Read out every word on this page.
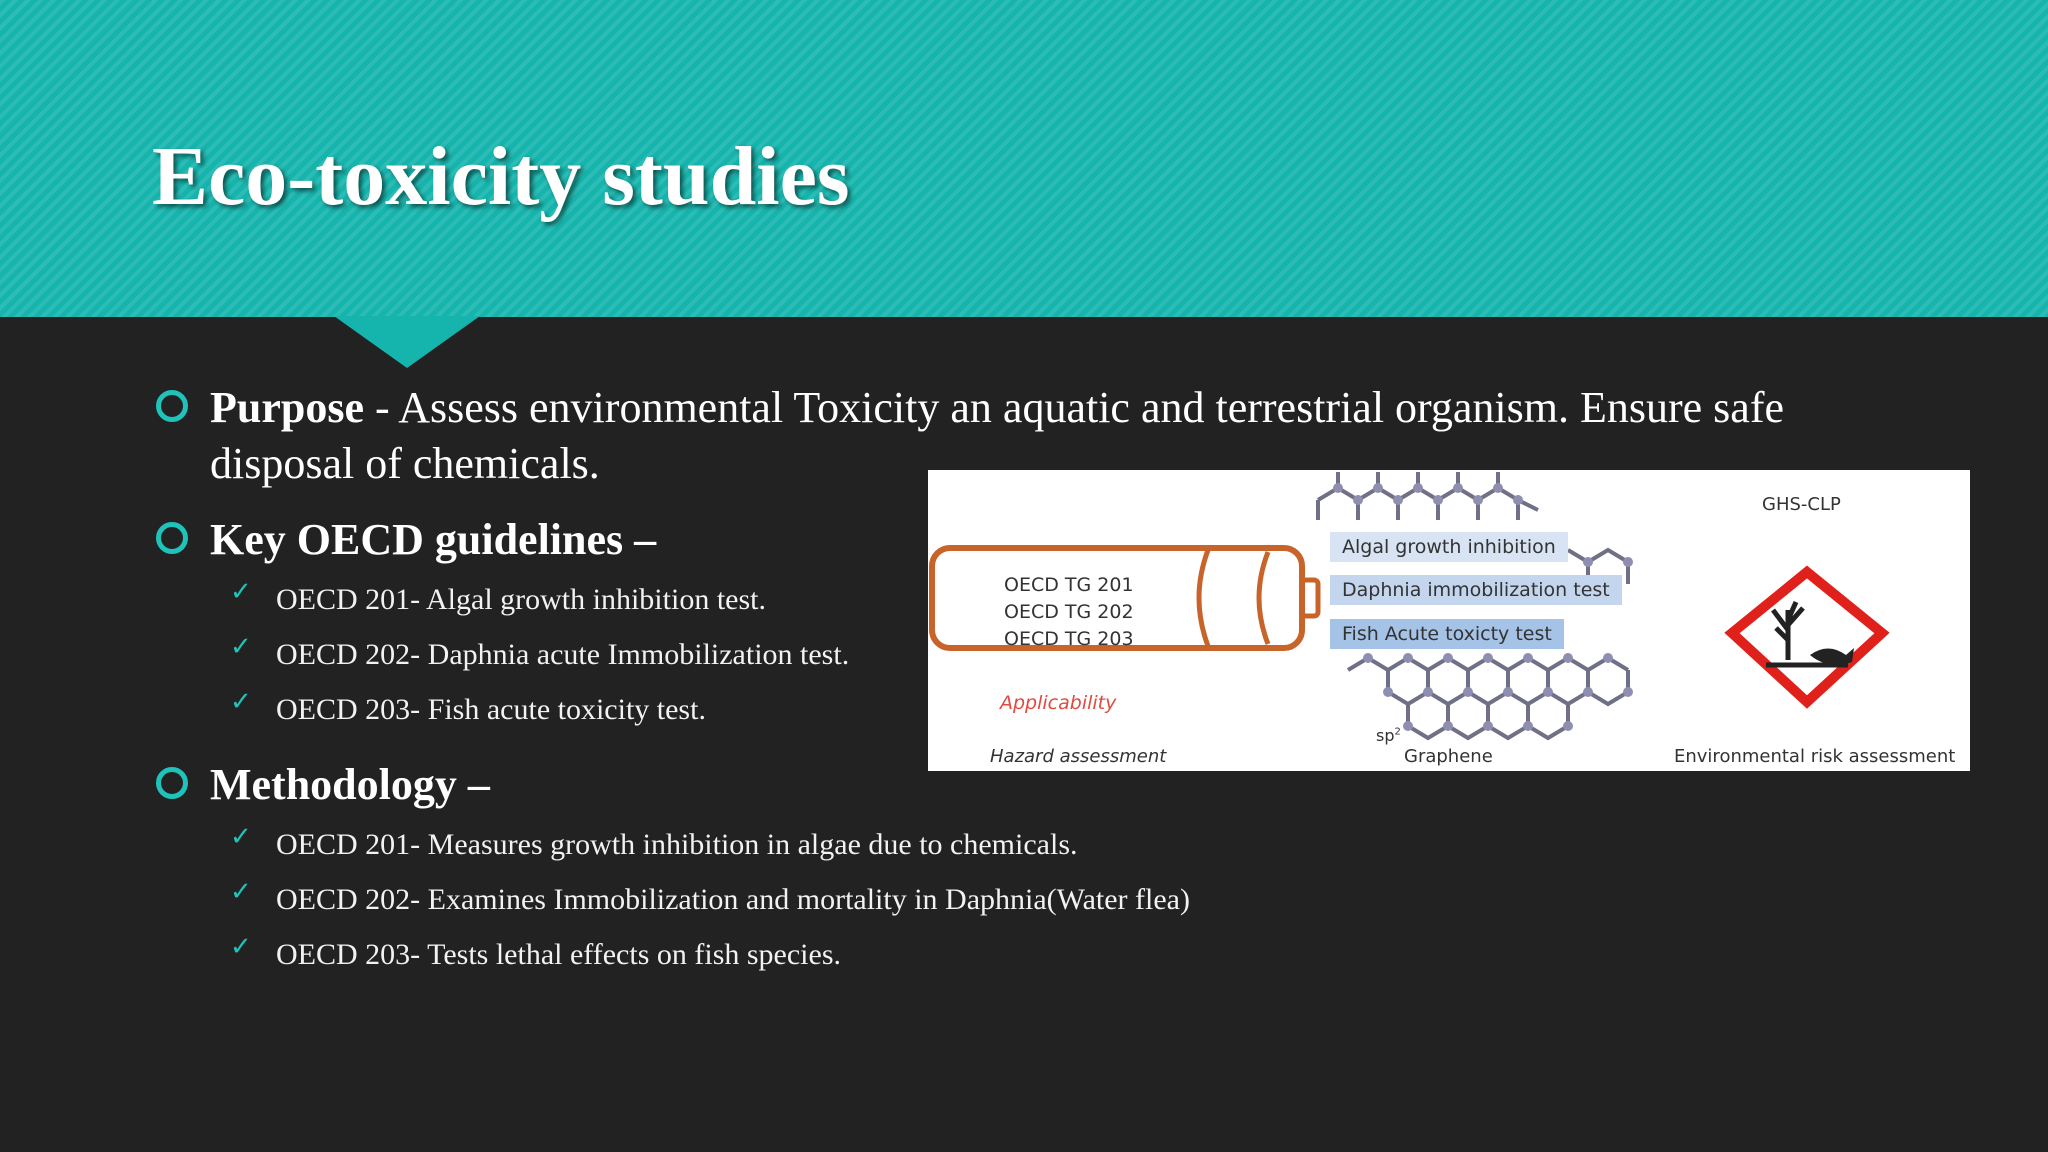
Eco-toxicity studies
Purpose - Assess environmental Toxicity an aquatic and terrestrial organism. Ensure safe
disposal of chemicals.
Key OECD guidelines –
✓ OECD 201- Algal growth inhibition test.
✓ OECD 202- Daphnia acute Immobilization test.
✓ OECD 203- Fish acute toxicity test.
Methodology –
✓ OECD 201- Measures growth inhibition in algae due to chemicals.
✓ OECD 202- Examines Immobilization and mortality in Daphnia(Water flea)
✓ OECD 203- Tests lethal effects on fish species.
OECD TG 201
OECD TG 202
OECD TG 203
Applicability
Hazard assessment
Algal growth inhibition
Daphnia immobilization test
Fish Acute toxicty test
$sp^2$
Graphene
GHS-CLP
Environmental risk assessment
